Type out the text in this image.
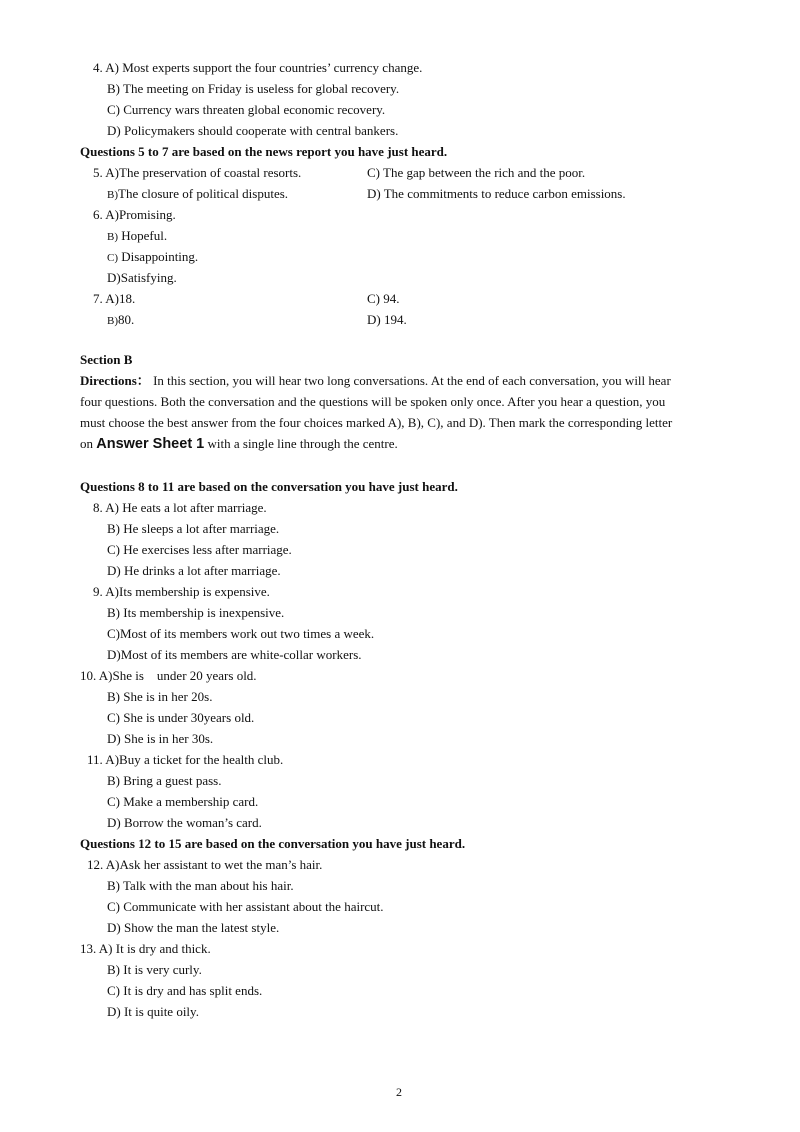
4. A) Most experts support the four countries’ currency change.
B) The meeting on Friday is useless for global recovery.
C) Currency wars threaten global economic recovery.
D) Policymakers should cooperate with central bankers.
Questions 5 to 7 are based on the news report you have just heard.
5. A)The preservation of coastal resorts.	C) The gap between the rich and the poor.
B)The closure of political disputes.	D) The commitments to reduce carbon emissions.
6. A)Promising.
B) Hopeful.
C) Disappointing.
D)Satisfying.
7. A)18.	C) 94.
B)80.	D) 194.
Section B
Directions： In this section, you will hear two long conversations. At the end of each conversation, you will hear
four questions. Both the conversation and the questions will be spoken only once. After you hear a question, you
must choose the best answer from the four choices marked A), B), C), and D). Then mark the corresponding letter
on Answer Sheet 1 with a single line through the centre.
Questions 8 to 11 are based on the conversation you have just heard.
8. A) He eats a lot after marriage.
B) He sleeps a lot after marriage.
C) He exercises less after marriage.
D) He drinks a lot after marriage.
9. A)Its membership is expensive.
B) Its membership is inexpensive.
C)Most of its members work out two times a week.
D)Most of its members are white-collar workers.
10. A)She is    under 20 years old.
B) She is in her 20s.
C) She is under 30years old.
D) She is in her 30s.
11. A)Buy a ticket for the health club.
B) Bring a guest pass.
C) Make a membership card.
D) Borrow the woman’s card.
Questions 12 to 15 are based on the conversation you have just heard.
12. A)Ask her assistant to wet the man’s hair.
B) Talk with the man about his hair.
C) Communicate with her assistant about the haircut.
D) Show the man the latest style.
13. A) It is dry and thick.
B) It is very curly.
C) It is dry and has split ends.
D) It is quite oily.
2
